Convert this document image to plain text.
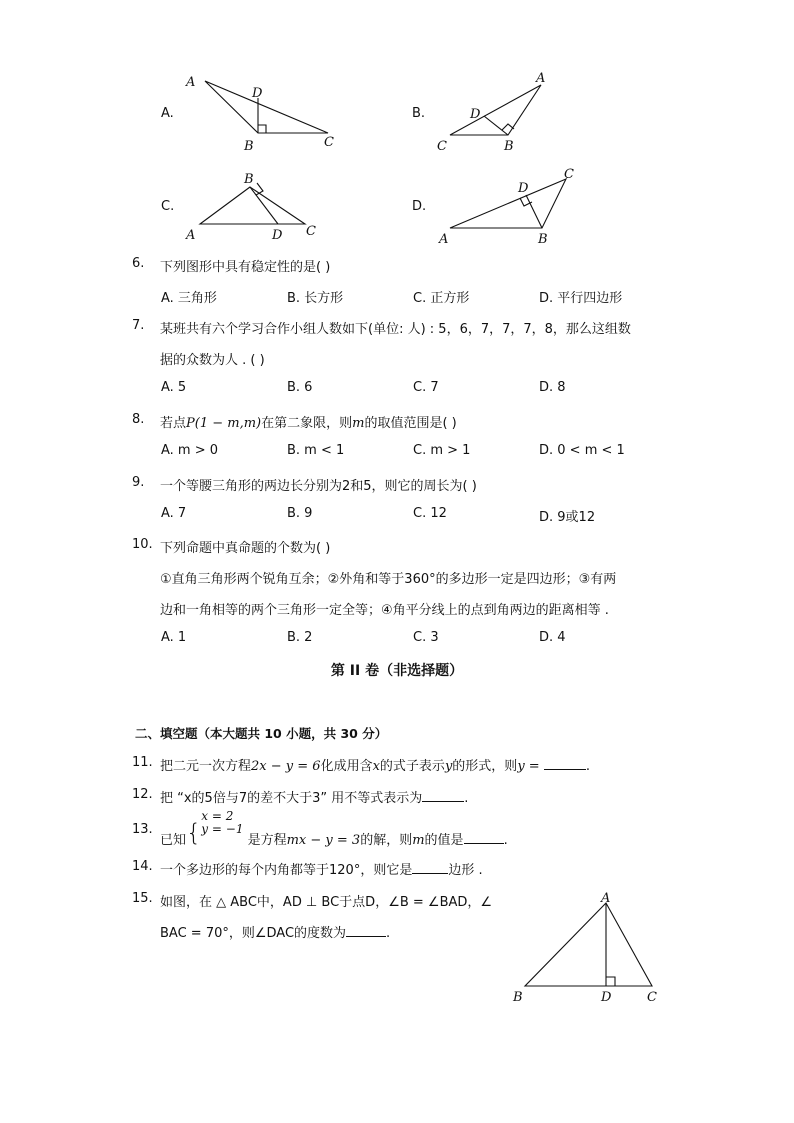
A.
A
D
B	C
B.
A
D
C	B
C.
B
A	D C
D.
C
D
A	B
6. 下列图形中具有稳定性的是( )
A. 三角形	B. 长方形	C. 正方形	D. 平行四边形
7. 某班共有六个学习合作小组人数如下(单位: 人) : 5，6，7，7，7，8，那么这组数
据的众数为人 . ( )
A. 5	B. 6	C. 7	D. 8
8. 若点P(1 − m,m)在第二象限，则m的取值范围是( )
A. m > 0	B. m < 1	C. m > 1	D. 0 < m < 1
9. 一个等腰三角形的两边长分别为2和5，则它的周长为( )
A. 7	B. 9	C. 12	D. 9或12
10. 下列命题中真命题的个数为( )
①直角三角形两个锐角互余；②外角和等于360°的多边形一定是四边形；③有两
边和一角相等的两个三角形一定全等；④角平分线上的点到角两边的距离相等 .
A. 1	B. 2	C. 3	D. 4
第 II 卷（非选择题）
二、填空题（本大题共 10 小题，共 30 分）
11. 把二元一次方程2x − y = 6化成用含x的式子表示y的形式，则y =	.
12. 把 “x的5倍与7的差不大于3” 用不等式表示为	.
13.
已知{
x = 2
y = −1
是方程mx − y = 3的解，则m的值是	.
14. 一个多边形的每个内角都等于120°，则它是	边形 .
15. 如图，在 △ ABC中，AD ⊥ BC于点D，∠B = ∠BAD，∠
BAC = 70°，则∠DAC的度数为	.
A
B	D	C
